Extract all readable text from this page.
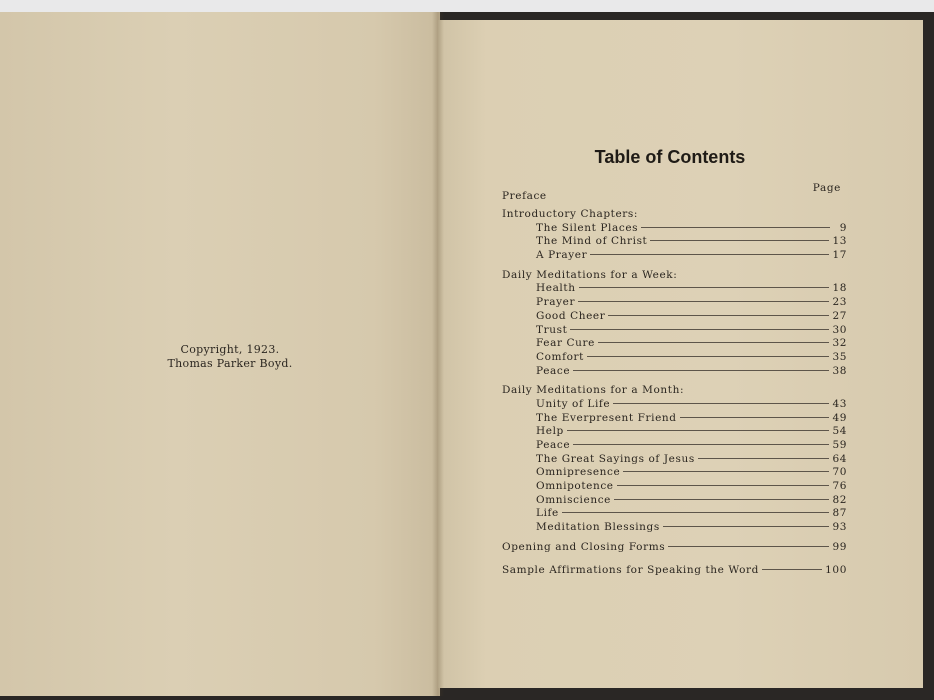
Copyright, 1923.
Thomas Parker Boyd.
Table of Contents
Preface
Page
Introductory Chapters:
The Silent Places	9
The Mind of Christ	13
A Prayer	17
Daily Meditations for a Week:
Health	18
Prayer	23
Good Cheer	27
Trust	30
Fear Cure	32
Comfort	35
Peace	38
Daily Meditations for a Month:
Unity of Life	43
The Everpresent Friend	49
Help	54
Peace	59
The Great Sayings of Jesus	64
Omnipresence	70
Omnipotence	76
Omniscience	82
Life	87
Meditation Blessings	93
Opening and Closing Forms	99
Sample Affirmations for Speaking the Word	100
